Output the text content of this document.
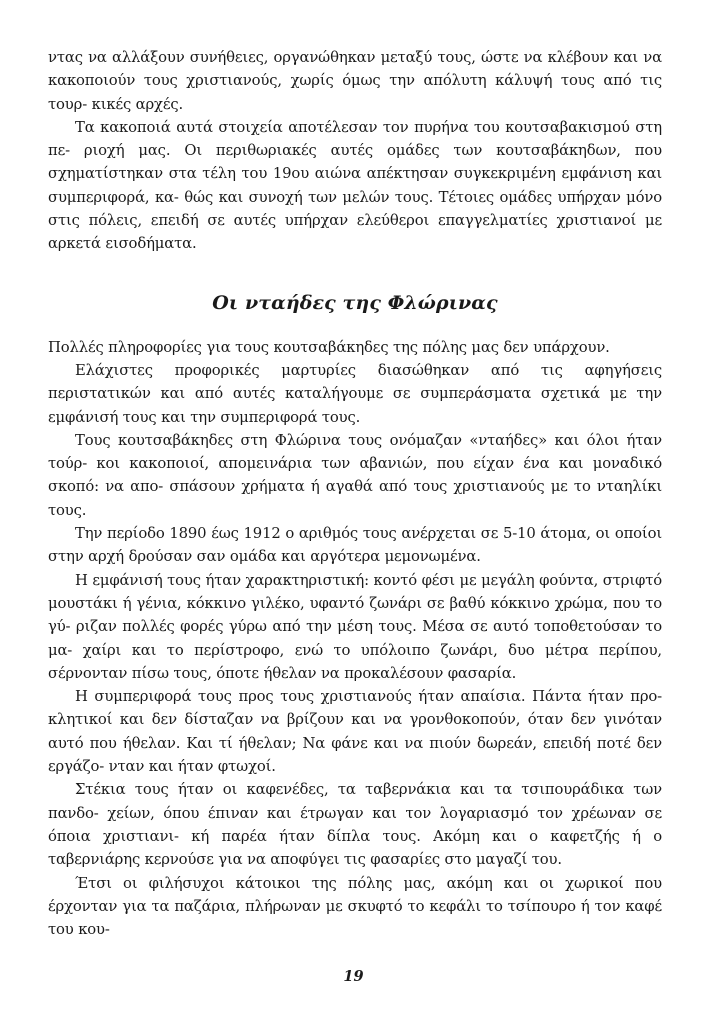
ντας να αλλάξουν συνήθειες, οργανώθηκαν μεταξύ τους, ώστε να κλέβουν και να κακοποιούν τους χριστιανούς, χωρίς όμως την απόλυτη κάλυψή τους από τις τουρ- κικές αρχές.

Τα κακοποιά αυτά στοιχεία αποτέλεσαν τον πυρήνα του κουτσαβακισμού στη πε- ριοχή μας. Οι περιθωριακές αυτές ομάδες των κουτσαβάκηδων, που σχηματίστηκαν στα τέλη του 19ου αιώνα απέκτησαν συγκεκριμένη εμφάνιση και συμπεριφορά, κα- θώς και συνοχή των μελών τους. Τέτοιες ομάδες υπήρχαν μόνο στις πόλεις, επειδή σε αυτές υπήρχαν ελεύθεροι επαγγελματίες χριστιανοί με αρκετά εισοδήματα.

Οι νταήδες της Φλώρινας

Πολλές πληροφορίες για τους κουτσαβάκηδες της πόλης μας δεν υπάρχουν.

Ελάχιστες προφορικές μαρτυρίες διασώθηκαν από τις αφηγήσεις περιστατικών και από αυτές καταλήγουμε σε συμπεράσματα σχετικά με την εμφάνισή τους και την συμπεριφορά τους.

Τους κουτσαβάκηδες στη Φλώρινα τους ονόμαζαν «νταήδες» και όλοι ήταν τούρ- κοι κακοποιοί, απομεινάρια των αβανιών, που είχαν ένα και μοναδικό σκοπό: να απο- σπάσουν χρήματα ή αγαθά από τους χριστιανούς με το νταηλίκι τους.

Την περίοδο 1890 έως 1912 ο αριθμός τους ανέρχεται σε 5-10 άτομα, οι οποίοι στην αρχή δρούσαν σαν ομάδα και αργότερα μεμονωμένα.

Η εμφάνισή τους ήταν χαρακτηριστική: κοντό φέσι με μεγάλη φούντα, στριφτό μουστάκι ή γένια, κόκκινο γιλέκο, υφαντό ζωνάρι σε βαθύ κόκκινο χρώμα, που το γύ- ριζαν πολλές φορές γύρω από την μέση τους. Μέσα σε αυτό τοποθετούσαν το μα- χαίρι και το περίστροφο, ενώ το υπόλοιπο ζωνάρι, δυο μέτρα περίπου, σέρνονταν πίσω τους, όποτε ήθελαν να προκαλέσουν φασαρία.

Η συμπεριφορά τους προς τους χριστιανούς ήταν απαίσια. Πάντα ήταν προ- κλητικοί και δεν δίσταζαν να βρίζουν και να γρονθοκοπούν, όταν δεν γινόταν αυτό που ήθελαν. Και τί ήθελαν; Να φάνε και να πιούν δωρεάν, επειδή ποτέ δεν εργάζο- νταν και ήταν φτωχοί.

Στέκια τους ήταν οι καφενέδες, τα ταβερνάκια και τα τσιπουράδικα των πανδο- χείων, όπου έπιναν και έτρωγαν και τον λογαριασμό τον χρέωναν σε όποια χριστιανι- κή παρέα ήταν δίπλα τους. Ακόμη και ο καφετζής ή ο ταβερνιάρης κερνούσε για να αποφύγει τις φασαρίες στο μαγαζί του.

Έτσι οι φιλήσυχοι κάτοικοι της πόλης μας, ακόμη και οι χωρικοί που έρχονταν για τα παζάρια, πλήρωναν με σκυφτό το κεφάλι το τσίπουρο ή τον καφέ του κου-

19
